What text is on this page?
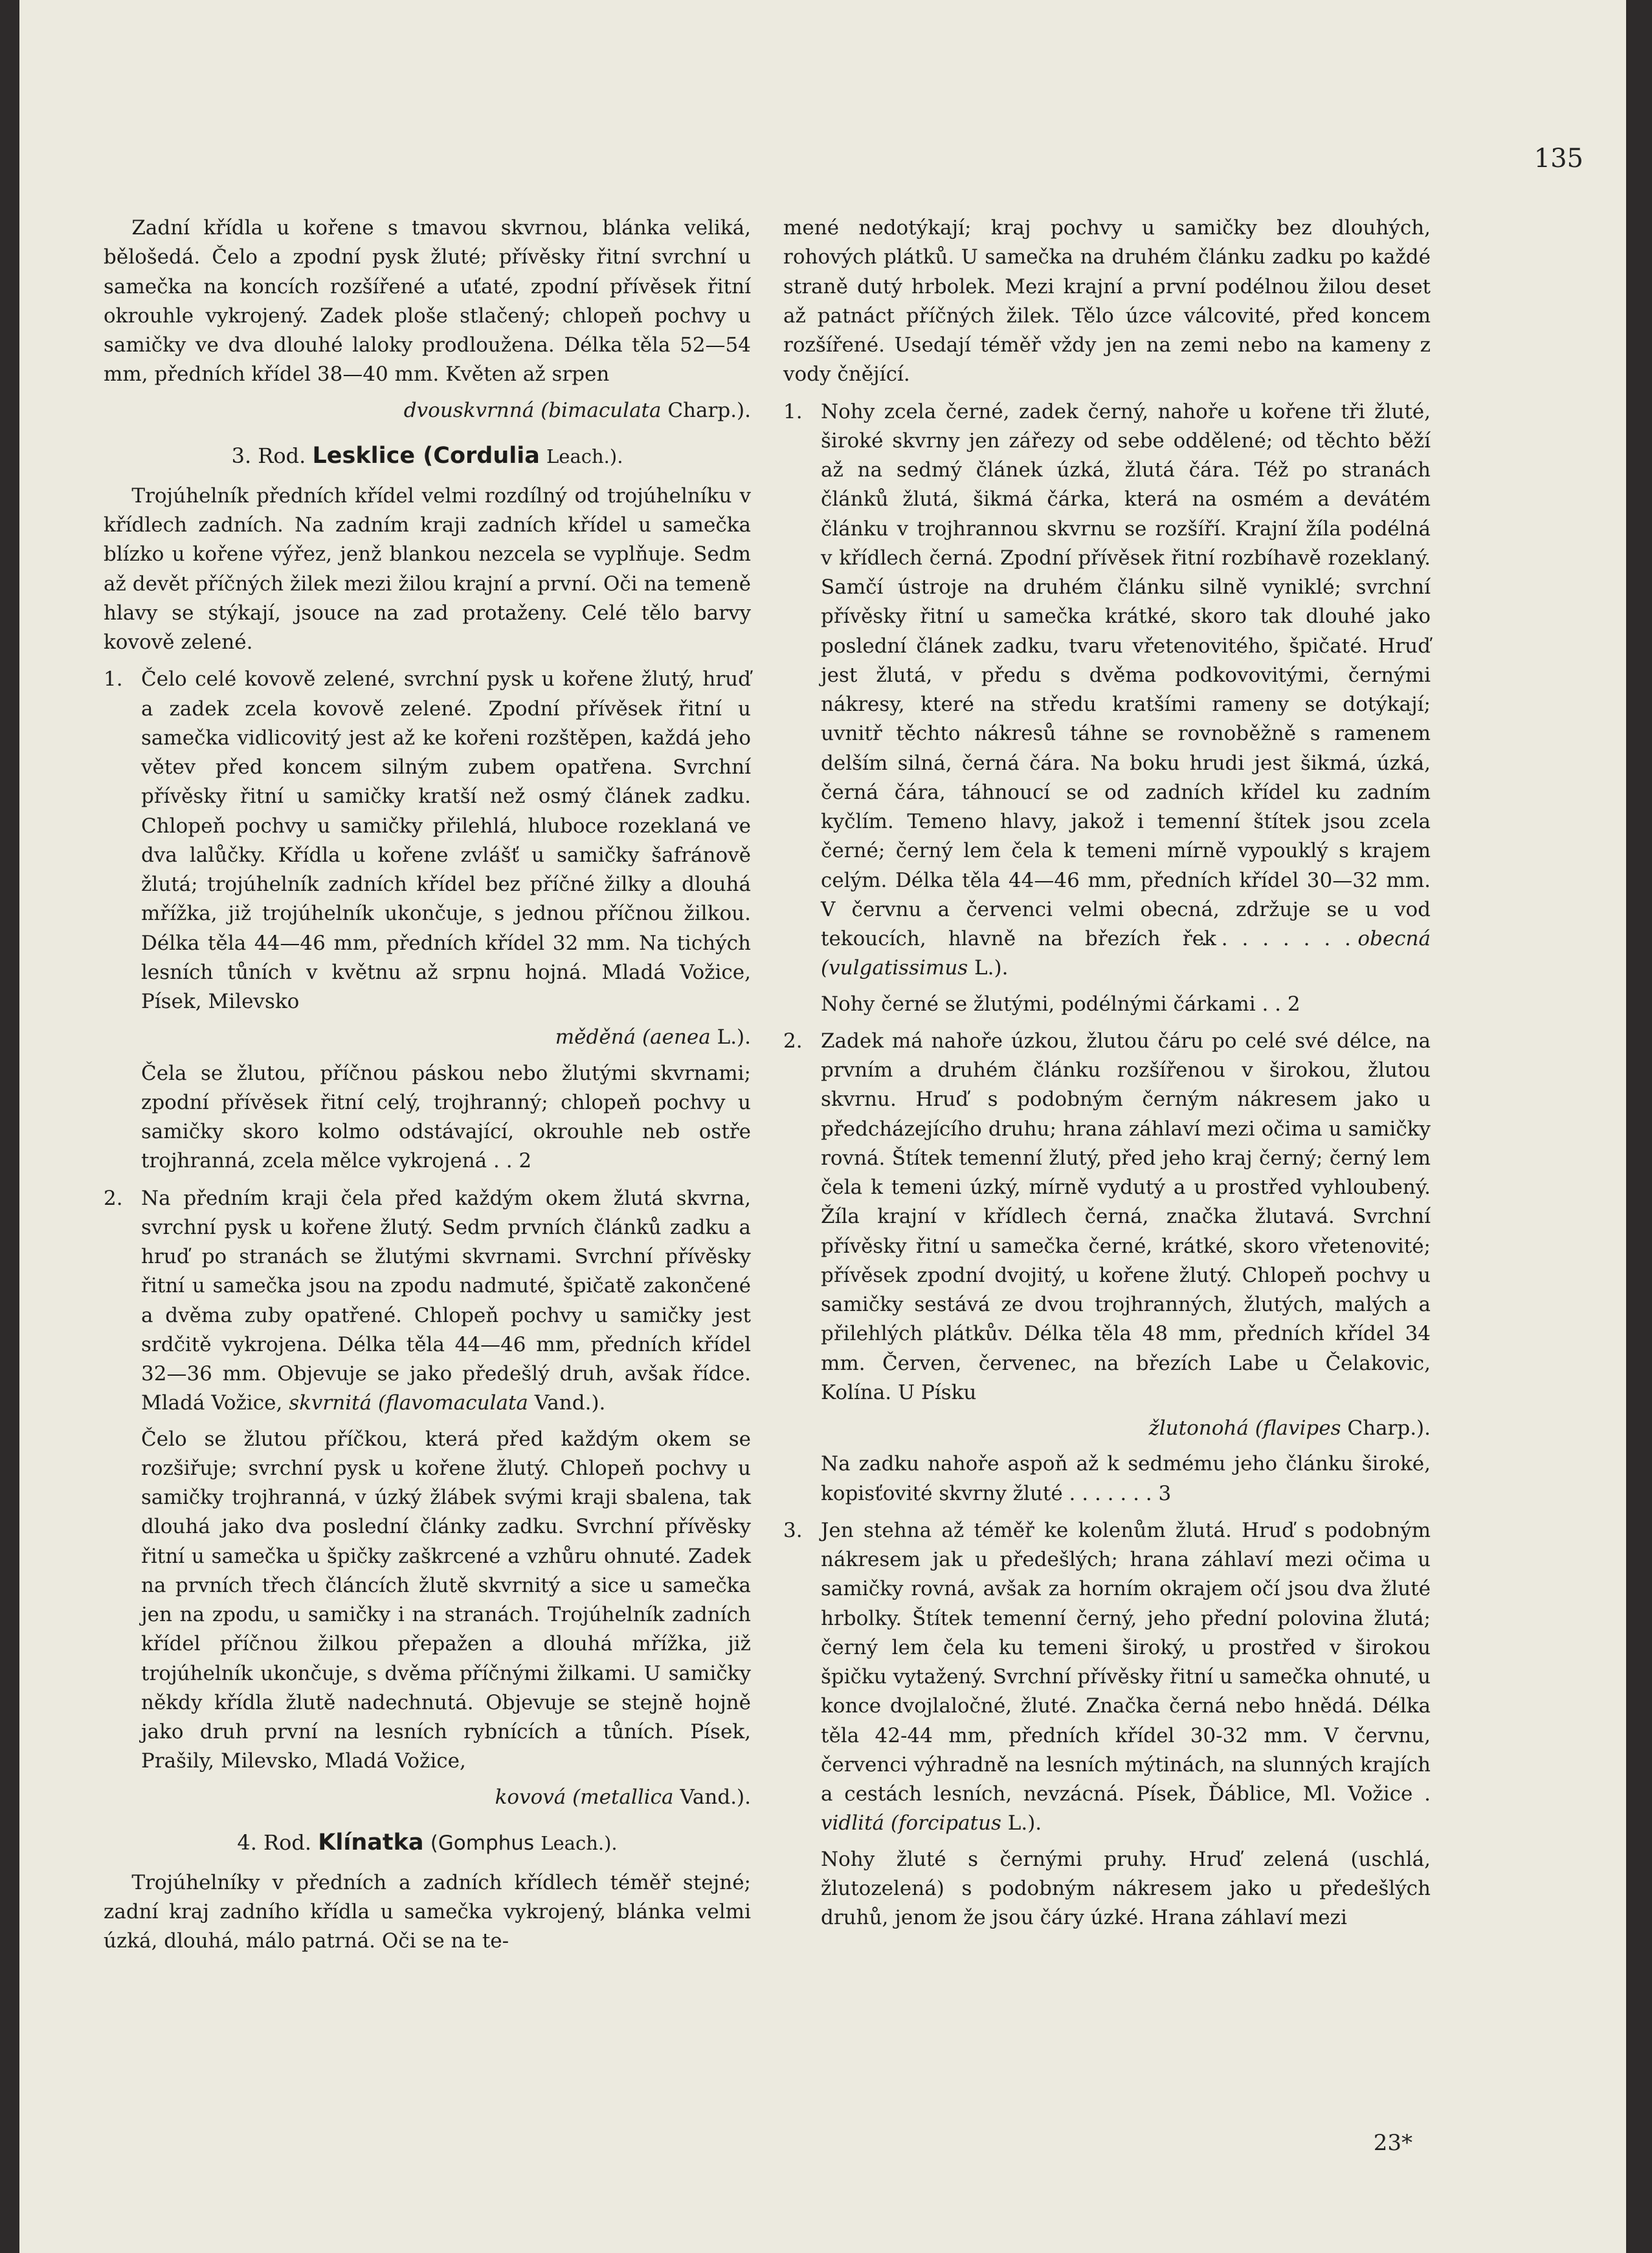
135

Zadní křídla u kořene s tmavou skvrnou, blánka veliká, bělošedá. Čelo a zpodní pysk žluté; přívěsky řitní svrchní u samečka na koncích rozšířené a uťaté, zpodní přívěsek řitní okrouhle vykrojený. Zadek ploše stlačený; chlopeň pochvy u samičky ve dva dlouhé laloky prodloužena. Délka těla 52—54 mm, předních křídel 38—40 mm. Květen až srpen

dvouskvrnná (bimaculata Charp.).

3. Rod. Lesklice (Cordulia Leach.).

Trojúhelník předních křídel velmi rozdílný od trojúhelníku v křídlech zadních. Na zadním kraji zadních křídel u samečka blízko u kořene výřez, jenž blankou nezcela se vyplňuje. Sedm až devět příčných žilek mezi žilou krajní a první. Oči na temeně hlavy se stýkají, jsouce na zad protaženy. Celé tělo barvy kovově zelené.

1. Čelo celé kovově zelené, svrchní pysk u kořene žlutý, hruď a zadek zcela kovově zelené. Zpodní přívěsek řitní u samečka vidlicovitý jest až ke kořeni rozštěpen, každá jeho větev před koncem silným zubem opatřena. Svrchní přívěsky řitní u samičky kratší než osmý článek zadku. Chlopeň pochvy u samičky přilehlá, hluboce rozeklaná ve dva lalůčky. Křídla u kořene zvlášť u samičky šafránově žlutá; trojúhelník zadních křídel bez příčné žilky a dlouhá mřížka, již trojúhelník ukončuje, s jednou příčnou žilkou. Délka těla 44—46 mm, předních křídel 32 mm. Na tichých lesních tůních v květnu až srpnu hojná. Mladá Vožice, Písek, Milevsko

měděná (aenea L.).

Čela se žlutou, příčnou páskou nebo žlutými skvrnami; zpodní přívěsek řitní celý, trojhranný; chlopeň pochvy u samičky skoro kolmo odstávající, okrouhle neb ostře trojhranná, zcela mělce vykrojená . . 2

2. Na předním kraji čela před každým okem žlutá skvrna, svrchní pysk u kořene žlutý. Sedm prvních článků zadku a hruď po stranách se žlutými skvrnami. Svrchní přívěsky řitní u samečka jsou na zpodu nadmuté, špičatě zakončené a dvěma zuby opatřené. Chlopeň pochvy u samičky jest srdčitě vykrojena. Délka těla 44—46 mm, předních křídel 32—36 mm. Objevuje se jako předešlý druh, avšak řídce. Mladá Vožice, skvrnitá (flavomaculata Vand.).

Čelo se žlutou příčkou, která před každým okem se rozšiřuje; svrchní pysk u kořene žlutý. Chlopeň pochvy u samičky trojhranná, v úzký žlábek svými kraji sbalena, tak dlouhá jako dva poslední články zadku. Svrchní přívěsky řitní u samečka u špičky zaškrcené a vzhůru ohnuté. Zadek na prvních třech článcích žlutě skvrnitý a sice u samečka jen na zpodu, u samičky i na stranách. Trojúhelník zadních křídel příčnou žilkou přepažen a dlouhá mřížka, již trojúhelník ukončuje, s dvěma příčnými žilkami. U samičky někdy křídla žlutě nadechnutá. Objevuje se stejně hojně jako druh první na lesních rybnících a tůních. Písek, Prašily, Milevsko, Mladá Vožice,

kovová (metallica Vand.).

4. Rod. Klínatka (Gomphus Leach.).

Trojúhelníky v předních a zadních křídlech téměř stejné; zadní kraj zadního křídla u samečka vykrojený, blánka velmi úzká, dlouhá, málo patrná. Oči se na te-

mené nedotýkají; kraj pochvy u samičky bez dlouhých, rohových plátků. U samečka na druhém článku zadku po každé straně dutý hrbolek. Mezi krajní a první podélnou žilou deset až patnáct příčných žilek. Tělo úzce válcovité, před koncem rozšířené. Usedají téměř vždy jen na zemi nebo na kameny z vody čnějící.

1. Nohy zcela černé, zadek černý, nahoře u kořene tři žluté, široké skvrny jen zářezy od sebe oddělené; od těchto běží až na sedmý článek úzká, žlutá čára. Též po stranách článků žlutá, šikmá čárka, která na osmém a devátém článku v trojhrannou skvrnu se rozšíří. Krajní žíla podélná v křídlech černá. Zpodní přívěsek řitní rozbíhavě rozeklaný. Samčí ústroje na druhém článku silně vyniklé; svrchní přívěsky řitní u samečka krátké, skoro tak dlouhé jako poslední článek zadku, tvaru vřetenovitého, špičaté. Hruď jest žlutá, v předu s dvěma podkovovitými, černými nákresy, které na středu kratšími rameny se dotýkají; uvnitř těchto nákresů táhne se rovnoběžně s ramenem delším silná, černá čára. Na boku hrudi jest šikmá, úzká, černá čára, táhnoucí se od zadních křídel ku zadním kyčlím. Temeno hlavy, jakož i temenní štítek jsou zcela černé; černý lem čela k temeni mírně vypouklý s krajem celým. Délka těla 44—46 mm, předních křídel 30—32 mm. V červnu a červenci velmi obecná, zdržuje se u vod tekoucích, hlavně na březích řek . . . . . . . . obecná (vulgatissimus L.).

Nohy černé se žlutými, podélnými čárkami . . 2

2. Zadek má nahoře úzkou, žlutou čáru po celé své délce, na prvním a druhém článku rozšířenou v širokou, žlutou skvrnu. Hruď s podobným černým nákresem jako u předcházejícího druhu; hrana záhlaví mezi očima u samičky rovná. Štítek temenní žlutý, před jeho kraj černý; černý lem čela k temeni úzký, mírně vydutý a u prostřed vyhloubený. Žíla krajní v křídlech černá, značka žlutavá. Svrchní přívěsky řitní u samečka černé, krátké, skoro vřetenovité; přívěsek zpodní dvojitý, u kořene žlutý. Chlopeň pochvy u samičky sestává ze dvou trojhranných, žlutých, malých a přilehlých plátkův. Délka těla 48 mm, předních křídel 34 mm. Červen, červenec, na březích Labe u Čelakovic, Kolína. U Písku

žlutonohá (flavipes Charp.).

Na zadku nahoře aspoň až k sedmému jeho článku široké, kopisťovité skvrny žluté . . . . . . . 3

3. Jen stehna až téměř ke kolenům žlutá. Hruď s podobným nákresem jak u předešlých; hrana záhlaví mezi očima u samičky rovná, avšak za horním okrajem očí jsou dva žluté hrbolky. Štítek temenní černý, jeho přední polovina žlutá; černý lem čela ku temeni široký, u prostřed v širokou špičku vytažený. Svrchní přívěsky řitní u samečka ohnuté, u konce dvojlaločné, žluté. Značka černá nebo hnědá. Délka těla 42-44 mm, předních křídel 30-32 mm. V červnu, červenci výhradně na lesních mýtinách, na slunných krajích a cestách lesních, nevzácná. Písek, Ďáblice, Ml. Vožice . vidlitá (forcipatus L.).

Nohy žluté s černými pruhy. Hruď zelená (uschlá, žlutozelená) s podobným nákresem jako u předešlých druhů, jenom že jsou čáry úzké. Hrana záhlaví mezi

23*
